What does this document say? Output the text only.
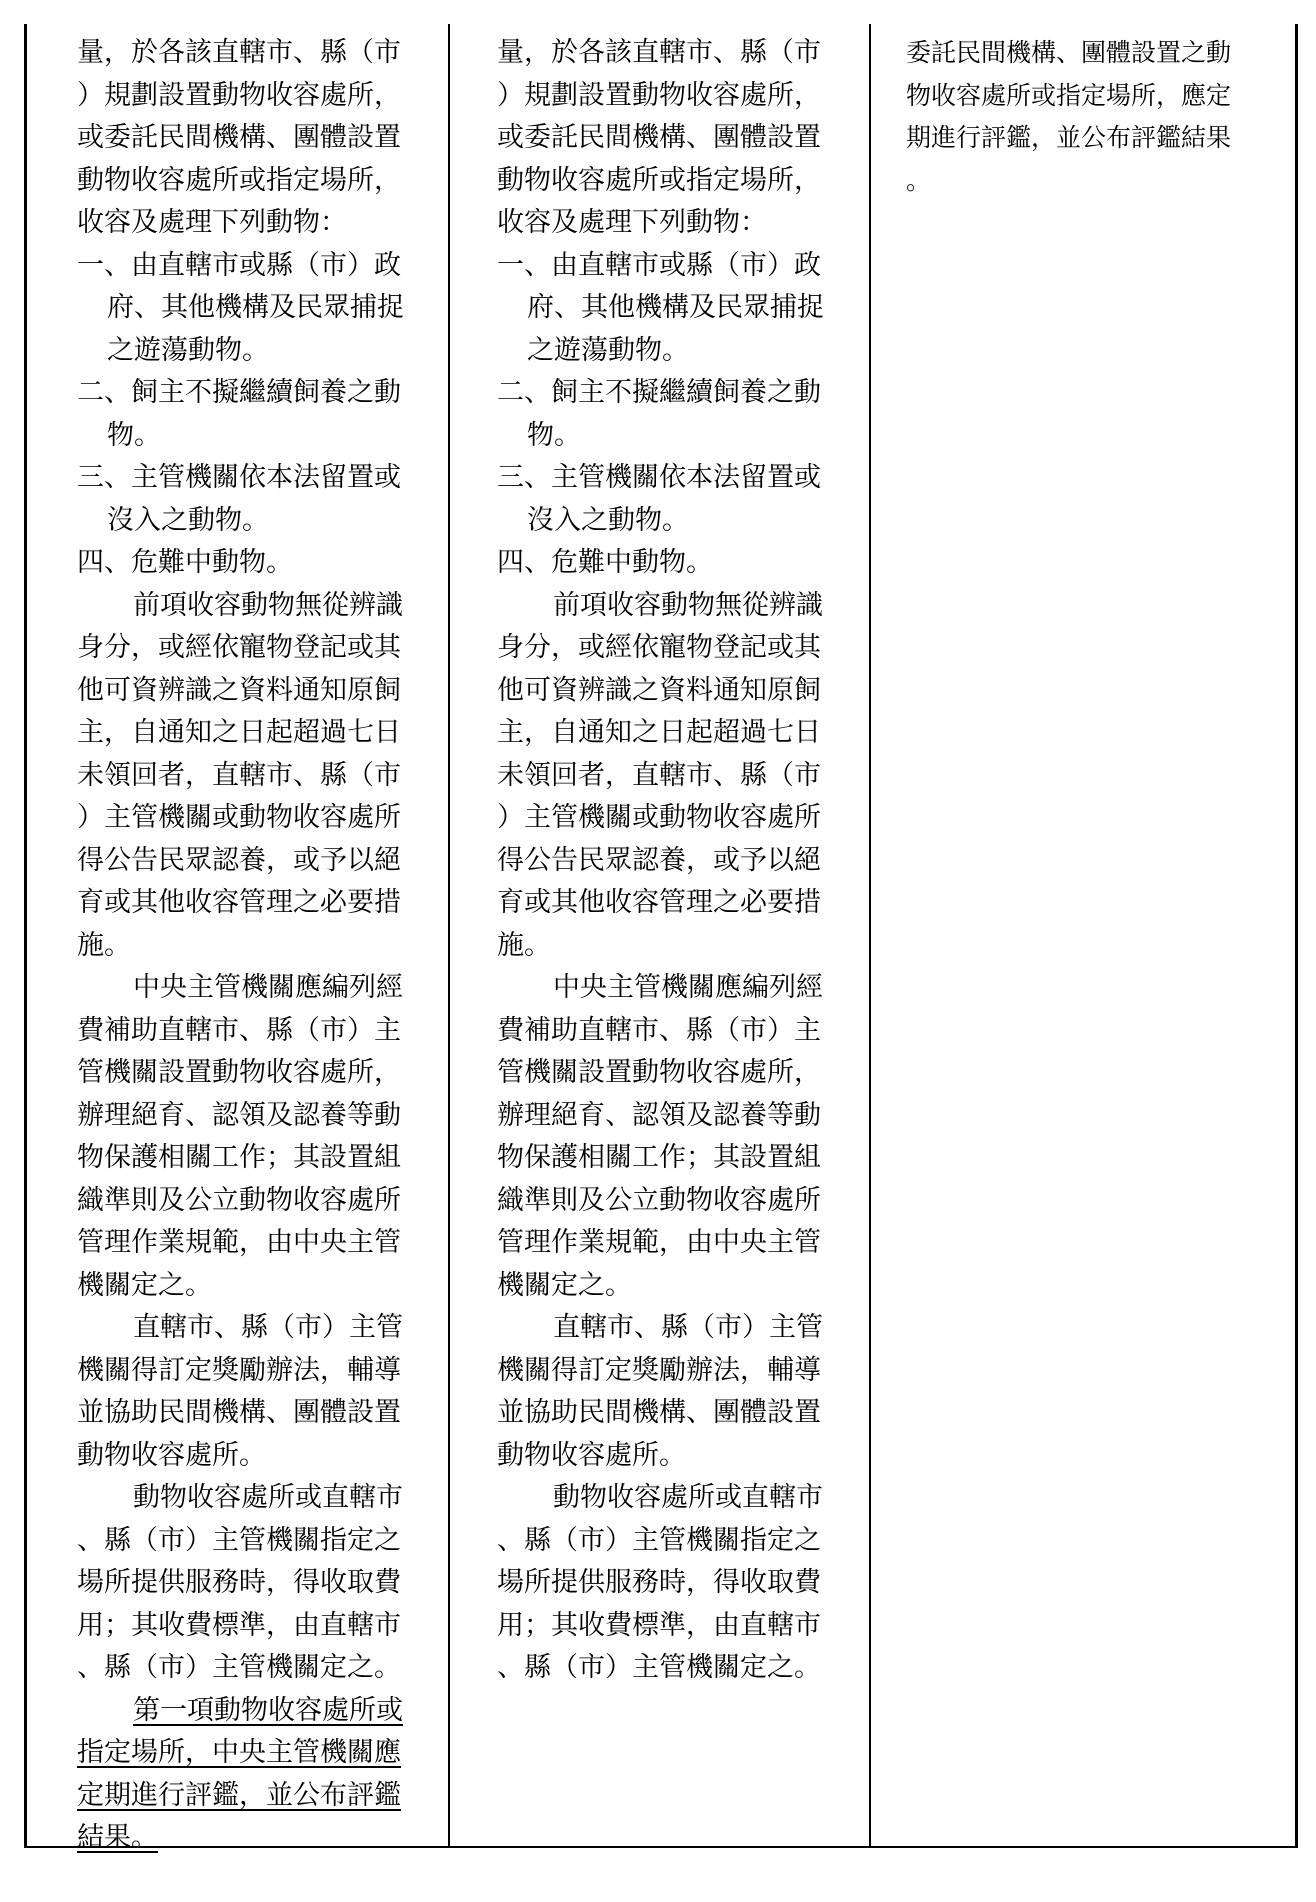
量，於各該直轄市、縣（市
）規劃設置動物收容處所，
或委託民間機構、團體設置
動物收容處所或指定場所，
收容及處理下列動物：
一、由直轄市或縣（市）政
府、其他機構及民眾捕捉
之遊蕩動物。
二、飼主不擬繼續飼養之動
物。
三、主管機關依本法留置或
沒入之動物。
四、危難中動物。
前項收容動物無從辨識
身分，或經依寵物登記或其
他可資辨識之資料通知原飼
主，自通知之日起超過七日
未領回者，直轄市、縣（市
）主管機關或動物收容處所
得公告民眾認養，或予以絕
育或其他收容管理之必要措
施。
中央主管機關應編列經
費補助直轄市、縣（市）主
管機關設置動物收容處所，
辦理絕育、認領及認養等動
物保護相關工作；其設置組
織準則及公立動物收容處所
管理作業規範，由中央主管
機關定之。
直轄市、縣（市）主管
機關得訂定獎勵辦法，輔導
並協助民間機構、團體設置
動物收容處所。
動物收容處所或直轄市
、縣（市）主管機關指定之
場所提供服務時，得收取費
用；其收費標準，由直轄市
、縣（市）主管機關定之。
第一項動物收容處所或
指定場所，中央主管機關應
定期進行評鑑，並公布評鑑
結果。
量，於各該直轄市、縣（市
）規劃設置動物收容處所，
或委託民間機構、團體設置
動物收容處所或指定場所，
收容及處理下列動物：
一、由直轄市或縣（市）政
府、其他機構及民眾捕捉
之遊蕩動物。
二、飼主不擬繼續飼養之動
物。
三、主管機關依本法留置或
沒入之動物。
四、危難中動物。
前項收容動物無從辨識
身分，或經依寵物登記或其
他可資辨識之資料通知原飼
主，自通知之日起超過七日
未領回者，直轄市、縣（市
）主管機關或動物收容處所
得公告民眾認養，或予以絕
育或其他收容管理之必要措
施。
中央主管機關應編列經
費補助直轄市、縣（市）主
管機關設置動物收容處所，
辦理絕育、認領及認養等動
物保護相關工作；其設置組
織準則及公立動物收容處所
管理作業規範，由中央主管
機關定之。
直轄市、縣（市）主管
機關得訂定獎勵辦法，輔導
並協助民間機構、團體設置
動物收容處所。
動物收容處所或直轄市
、縣（市）主管機關指定之
場所提供服務時，得收取費
用；其收費標準，由直轄市
、縣（市）主管機關定之。
委託民間機構、團體設置之動
物收容處所或指定場所，應定
期進行評鑑，並公布評鑑結果
。
